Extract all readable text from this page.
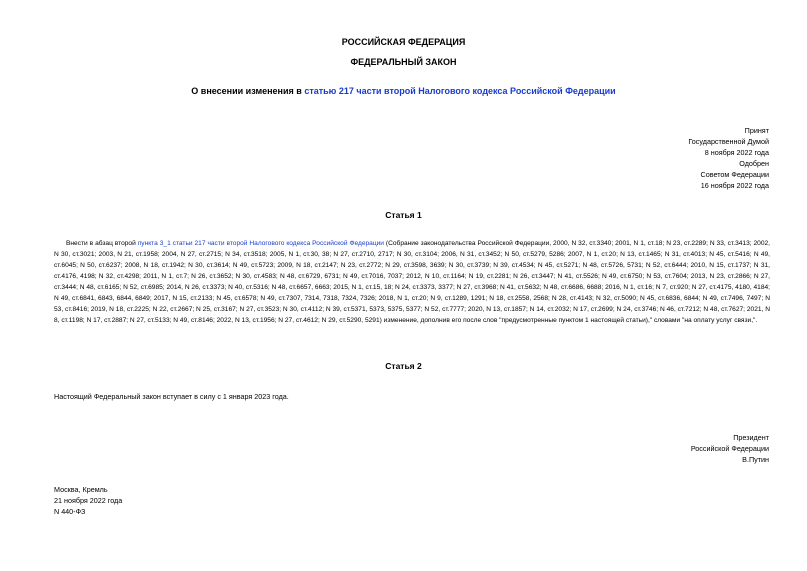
РОССИЙСКАЯ ФЕДЕРАЦИЯ
ФЕДЕРАЛЬНЫЙ ЗАКОН
О внесении изменения в статью 217 части второй Налогового кодекса Российской Федерации
Принят
Государственной Думой
8 ноября 2022 года
Одобрен
Советом Федерации
16 ноября 2022 года
Статья 1
Внести в абзац второй пункта 3_1 статьи 217 части второй Налогового кодекса Российской Федерации (Собрание законодательства Российской Федерации, 2000, N 32, ст.3340; 2001, N 1, ст.18; N 23, ст.2289; N 33, ст.3413; 2002, N 30, ст.3021; 2003, N 21, ст.1958; 2004, N 27, ст.2715; N 34, ст.3518; 2005, N 1, ст.30, 38; N 27, ст.2710, 2717; N 30, ст.3104; 2006, N 31, ст.3452; N 50, ст.5279, 5286; 2007, N 1, ст.20; N 13, ст.1465; N 31, ст.4013; N 45, ст.5416; N 49, ст.6045; N 50, ст.6237; 2008, N 18, ст.1942; N 30, ст.3614; N 49, ст.5723; 2009, N 18, ст.2147; N 23, ст.2772; N 29, ст.3598, 3639; N 30, ст.3739; N 39, ст.4534; N 45, ст.5271; N 48, ст.5726, 5731; N 52, ст.6444; 2010, N 15, ст.1737; N 31, ст.4176, 4198; N 32, ст.4298; 2011, N 1, ст.7; N 26, ст.3652; N 30, ст.4583; N 48, ст.6729, 6731; N 49, ст.7016, 7037; 2012, N 10, ст.1164; N 19, ст.2281; N 26, ст.3447; N 41, ст.5526; N 49, ст.6750; N 53, ст.7604; 2013, N 23, ст.2866; N 27, ст.3444; N 48, ст.6165; N 52, ст.6985; 2014, N 26, ст.3373; N 40, ст.5316; N 48, ст.6657, 6663; 2015, N 1, ст.15, 18; N 24, ст.3373, 3377; N 27, ст.3968; N 41, ст.5632; N 48, ст.6686, 6688; 2016, N 1, ст.16; N 7, ст.920; N 27, ст.4175, 4180, 4184; N 49, ст.6841, 6843, 6844, 6849; 2017, N 15, ст.2133; N 45, ст.6578; N 49, ст.7307, 7314, 7318, 7324, 7326; 2018, N 1, ст.20; N 9, ст.1289, 1291; N 18, ст.2558, 2568; N 28, ст.4143; N 32, ст.5090; N 45, ст.6836, 6844; N 49, ст.7496, 7497; N 53, ст.8416; 2019, N 18, ст.2225; N 22, ст.2667; N 25, ст.3167; N 27, ст.3523; N 30, ст.4112; N 39, ст.5371, 5373, 5375, 5377; N 52, ст.7777; 2020, N 13, ст.1857; N 14, ст.2032; N 17, ст.2699; N 24, ст.3746; N 46, ст.7212; N 48, ст.7627; 2021, N 8, ст.1198; N 17, ст.2887; N 27, ст.5133; N 49, ст.8146; 2022, N 13, ст.1956; N 27, ст.4612; N 29, ст.5290, 5291) изменение, дополнив его после слов "предусмотренные пунктом 1 настоящей статьи)," словами "на оплату услуг связи,".
Статья 2
Настоящий Федеральный закон вступает в силу с 1 января 2023 года.
Президент
Российской Федерации
В.Путин
Москва, Кремль
21 ноября 2022 года
N 440-ФЗ
